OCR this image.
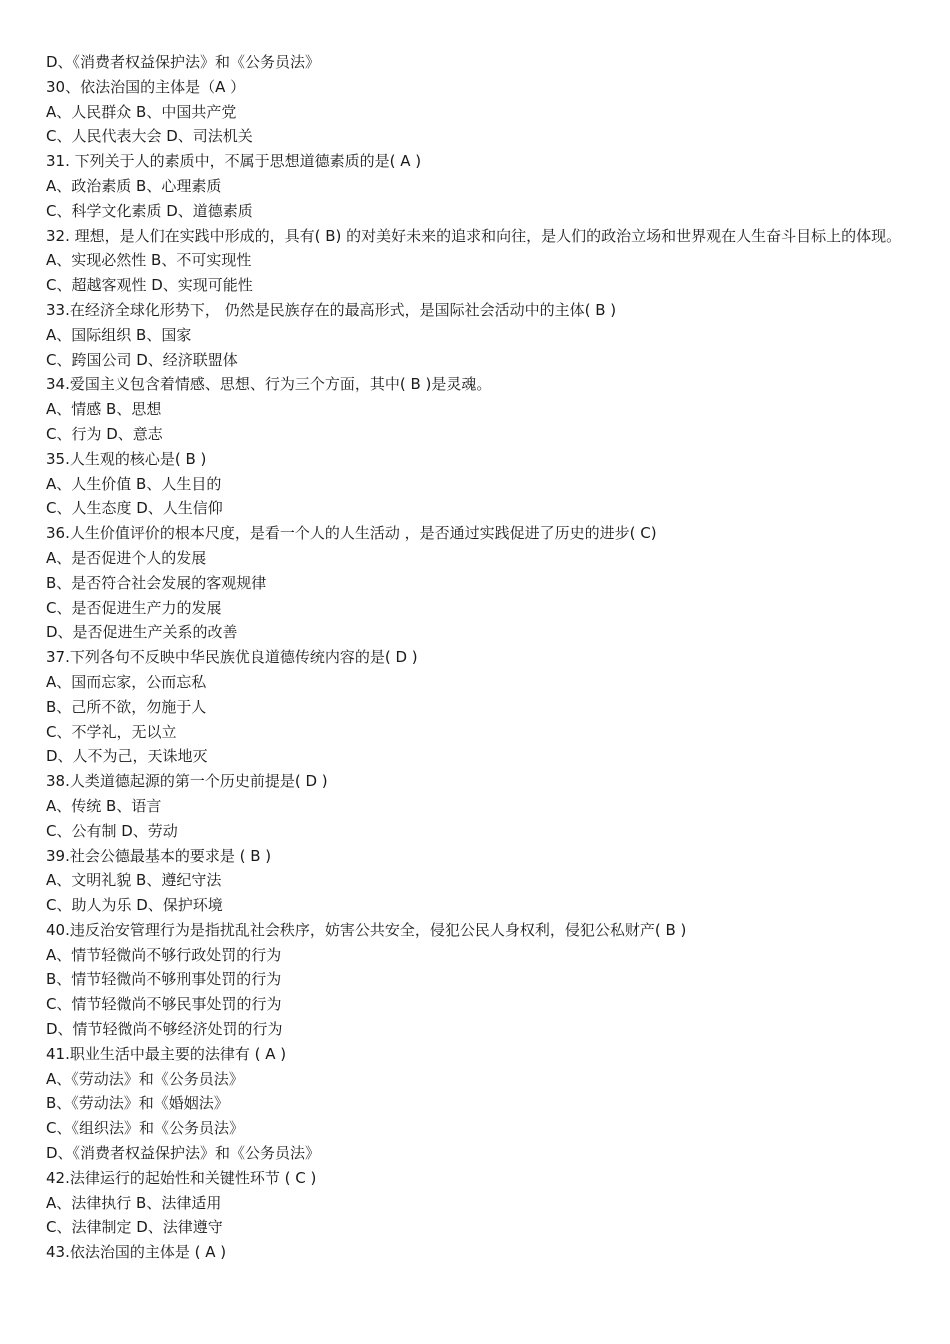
D、《消费者权益保护法》和《公务员法》
30、依法治国的主体是（A ）
A、人民群众 B、中国共产党
C、人民代表大会 D、司法机关
31. 下列关于人的素质中，不属于思想道德素质的是( A )
A、政治素质 B、心理素质
C、科学文化素质 D、道德素质
32. 理想，是人们在实践中形成的，具有( B) 的对美好未来的追求和向往，是人们的政治立场和世界观在人生奋斗目标上的体现。
A、实现必然性 B、不可实现性
C、超越客观性 D、实现可能性
33.在经济全球化形势下， 仍然是民族存在的最高形式，是国际社会活动中的主体( B )
A、国际组织 B、国家
C、跨国公司 D、经济联盟体
34.爱国主义包含着情感、思想、行为三个方面，其中( B )是灵魂。
A、情感 B、思想
C、行为 D、意志
35.人生观的核心是( B )
A、人生价值 B、人生目的
C、人生态度 D、人生信仰
36.人生价值评价的根本尺度，是看一个人的人生活动 ，是否通过实践促进了历史的进步( C)
A、是否促进个人的发展
B、是否符合社会发展的客观规律
C、是否促进生产力的发展
D、是否促进生产关系的改善
37.下列各句不反映中华民族优良道德传统内容的是( D )
A、国而忘家，公而忘私
B、己所不欲，勿施于人
C、不学礼，无以立
D、人不为己，天诛地灭
38.人类道德起源的第一个历史前提是( D )
A、传统 B、语言
C、公有制 D、劳动
39.社会公德最基本的要求是 ( B )
A、文明礼貌 B、遵纪守法
C、助人为乐 D、保护环境
40.违反治安管理行为是指扰乱社会秩序，妨害公共安全，侵犯公民人身权利，侵犯公私财产( B )
A、情节轻微尚不够行政处罚的行为
B、情节轻微尚不够刑事处罚的行为
C、情节轻微尚不够民事处罚的行为
D、情节轻微尚不够经济处罚的行为
41.职业生活中最主要的法律有 ( A )
A、《劳动法》和《公务员法》
B、《劳动法》和《婚姻法》
C、《组织法》和《公务员法》
D、《消费者权益保护法》和《公务员法》
42.法律运行的起始性和关键性环节 ( C )
A、法律执行 B、法律适用
C、法律制定 D、法律遵守
43.依法治国的主体是 ( A )
